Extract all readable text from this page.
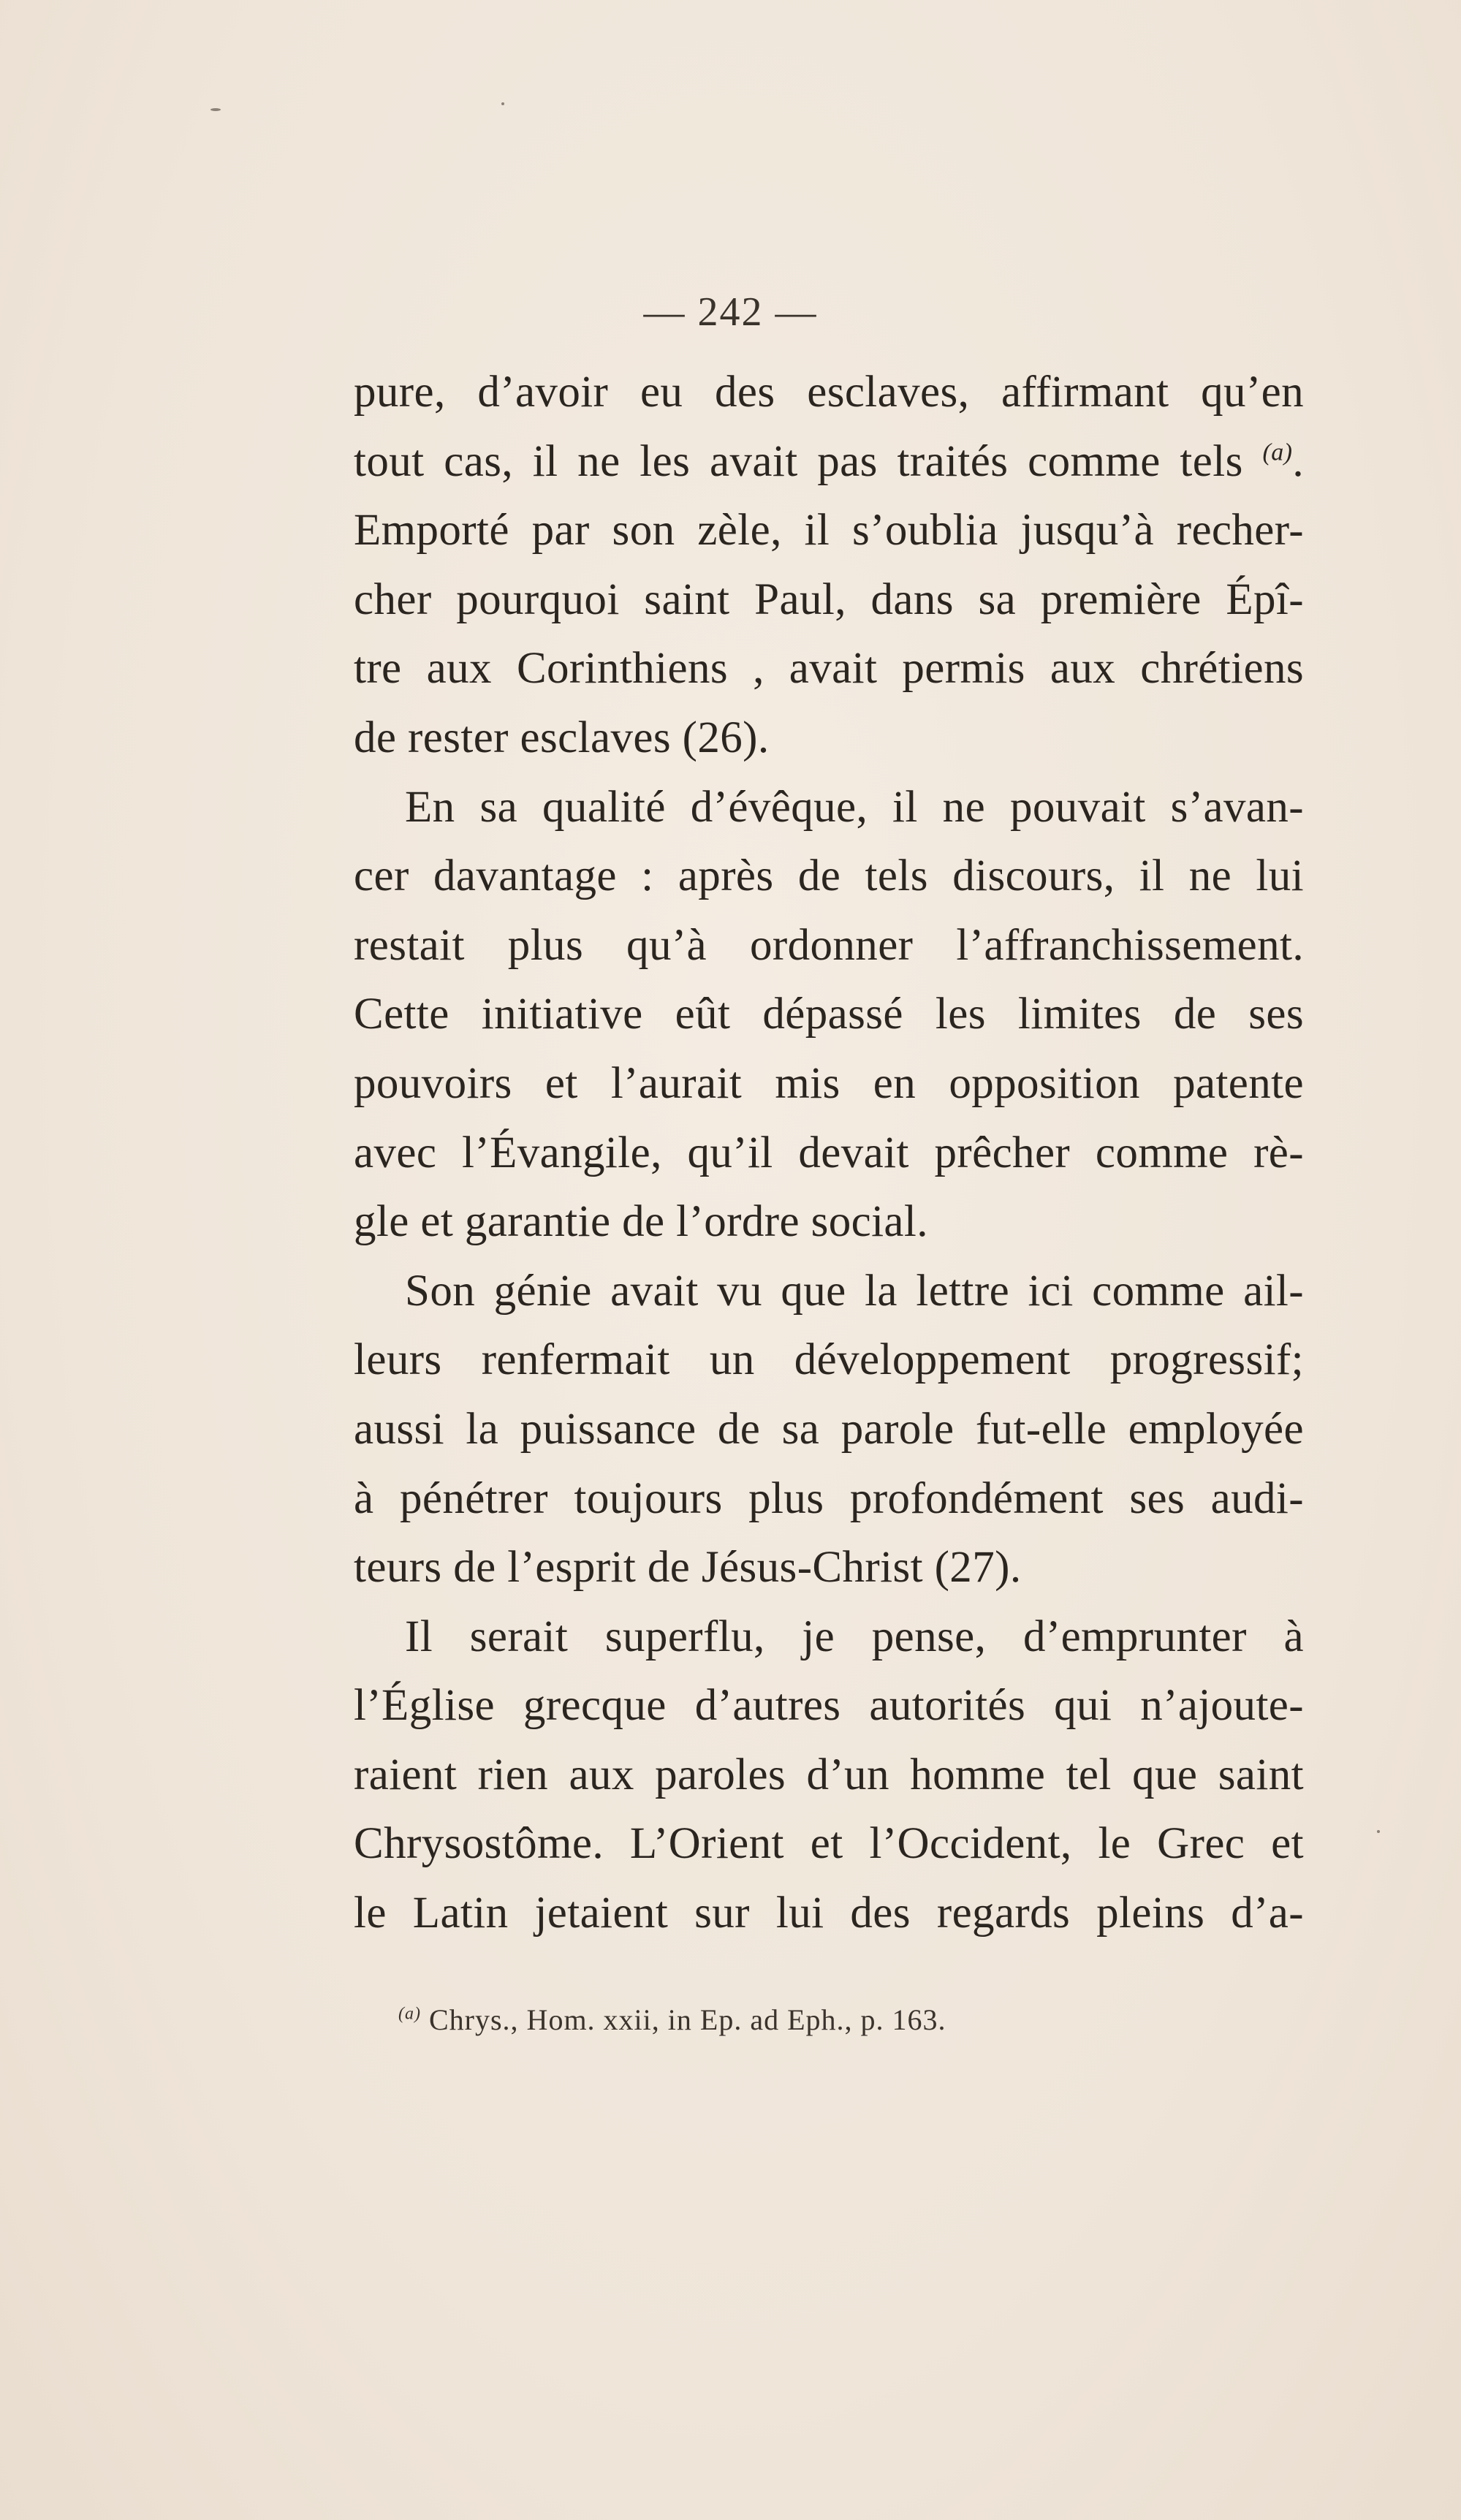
— 242 —
pure, d’avoir eu des esclaves, affirmant qu’en
tout cas, il ne les avait pas traités comme tels $^{(a)}$.
Emporté par son zèle, il s’oublia jusqu’à recher-
cher pourquoi saint Paul, dans sa première Épî-
tre aux Corinthiens , avait permis aux chrétiens
de rester esclaves (26).
En sa qualité d’évêque, il ne pouvait s’avan-
cer davantage : après de tels discours, il ne lui
restait plus qu’à ordonner l’affranchissement.
Cette initiative eût dépassé les limites de ses
pouvoirs et l’aurait mis en opposition patente
avec l’Évangile, qu’il devait prêcher comme rè-
gle et garantie de l’ordre social.
Son génie avait vu que la lettre ici comme ail-
leurs renfermait un développement progressif;
aussi la puissance de sa parole fut-elle employée
à pénétrer toujours plus profondément ses audi-
teurs de l’esprit de Jésus-Christ (27).
Il serait superflu, je pense, d’emprunter à
l’Église grecque d’autres autorités qui n’ajoute-
raient rien aux paroles d’un homme tel que saint
Chrysostôme. L’Orient et l’Occident, le Grec et
le Latin jetaient sur lui des regards pleins d’a-
$^{(a)}$ Chrys., Hom. xxii, in Ep. ad Eph., p. 163.
